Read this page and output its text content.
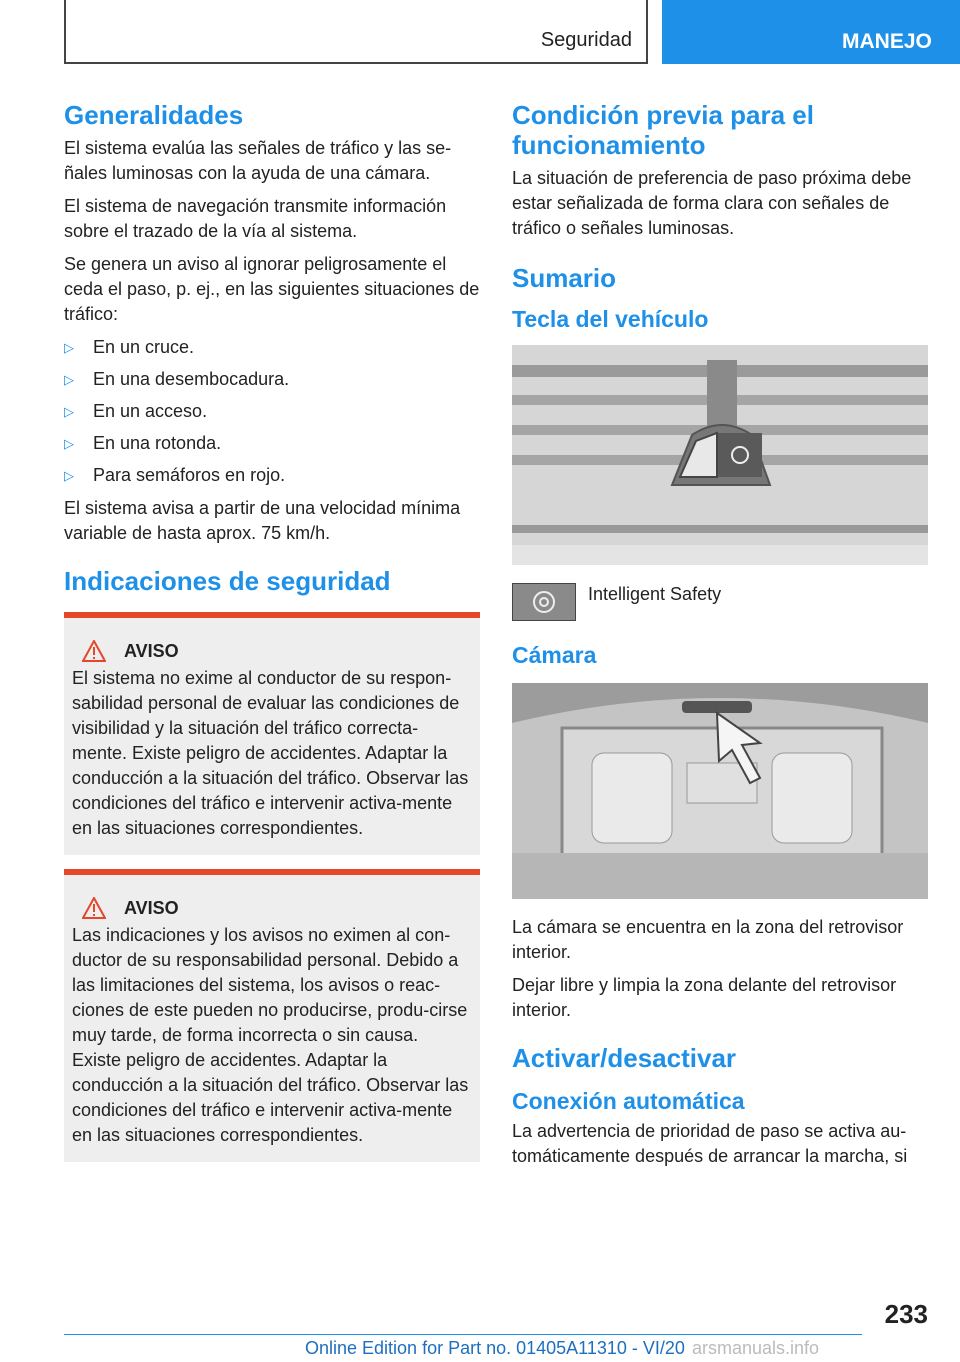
Seguridad	MANEJO
Generalidades

El sistema evalúa las señales de tráfico y las se-ñales luminosas con la ayuda de una cámara.

El sistema de navegación transmite información sobre el trazado de la vía al sistema.

Se genera un aviso al ignorar peligrosamente el ceda el paso, p. ej., en las siguientes situaciones de tráfico:

▷	En un cruce.
▷	En una desembocadura.
▷	En un acceso.
▷	En una rotonda.
▷	Para semáforos en rojo.

El sistema avisa a partir de una velocidad mínima variable de hasta aprox. 75 km/h.

Indicaciones de seguridad
AVISO

El sistema no exime al conductor de su respon-sabilidad personal de evaluar las condiciones de visibilidad y la situación del tráfico correcta-mente. Existe peligro de accidentes. Adaptar la conducción a la situación del tráfico. Observar las condiciones del tráfico e intervenir activa-mente en las situaciones correspondientes.

AVISO

Las indicaciones y los avisos no eximen al con-ductor de su responsabilidad personal. Debido a las limitaciones del sistema, los avisos o reac-ciones de este pueden no producirse, produ-cirse muy tarde, de forma incorrecta o sin causa. Existe peligro de accidentes. Adaptar la conducción a la situación del tráfico. Observar las condiciones del tráfico e intervenir activa-mente en las situaciones correspondientes.

Condición previa para el funcionamiento

La situación de preferencia de paso próxima debe estar señalizada de forma clara con señales de tráfico o señales luminosas.

Sumario
Tecla del vehículo
Intelligent Safety
Cámara

La cámara se encuentra en la zona del retrovisor interior.

Dejar libre y limpia la zona delante del retrovisor interior.

Activar/desactivar
Conexión automática

La advertencia de prioridad de paso se activa au-tomáticamente después de arrancar la marcha, si

233
Online Edition for Part no. 01405A11310 - VI/20 arsmanuals.info
